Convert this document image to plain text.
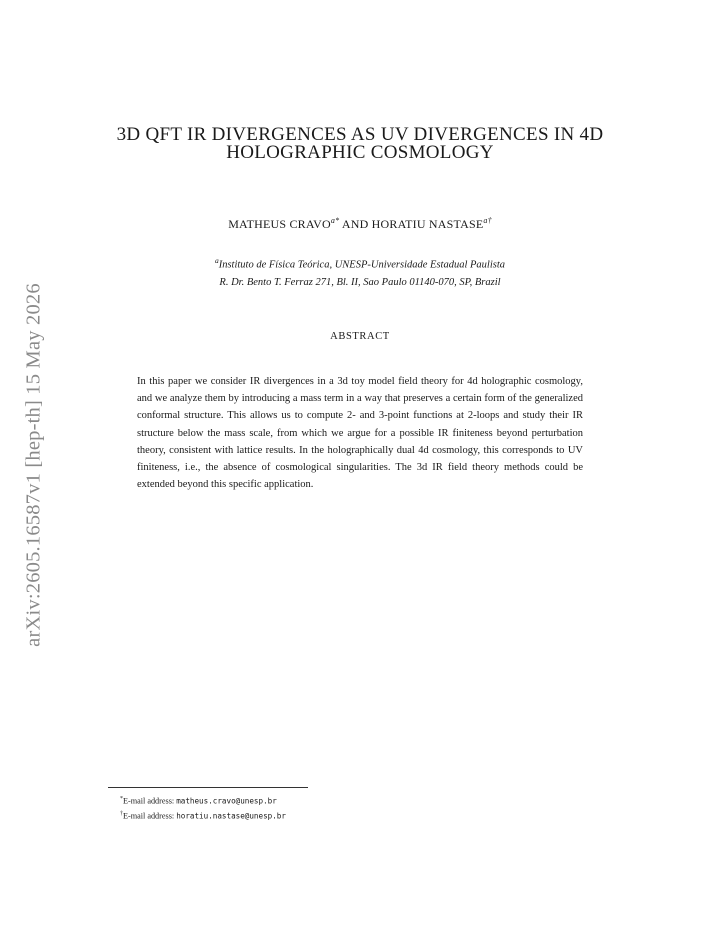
arXiv:2605.16587v1 [hep-th] 15 May 2026
3D QFT IR DIVERGENCES AS UV DIVERGENCES IN 4D
HOLOGRAPHIC COSMOLOGY
MATHEUS $CRAVO^{a*}$ AND HORATIU $NASTASE^{a\dagger}$
$^a$Instituto de Física Teórica, UNESP-Universidade Estadual Paulista
R. Dr. Bento T. Ferraz 271, Bl. II, Sao Paulo 01140-070, SP, Brazil
ABSTRACT
In this paper we consider IR divergences in a 3d toy model field theory for 4d holographic cosmology, and we analyze them by introducing a mass term in a way that preserves a certain form of the generalized conformal structure. This allows us to compute 2- and 3-point functions at 2-loops and study their IR structure below the mass scale, from which we argue for a possible IR finiteness beyond perturbation theory, consistent with lattice results. In the holographically dual 4d cosmology, this corresponds to UV finiteness, i.e., the absence of cosmological singularities. The 3d IR field theory methods could be extended beyond this specific application.
*E-mail address: matheus.cravo@unesp.br
†E-mail address: horatiu.nastase@unesp.br
